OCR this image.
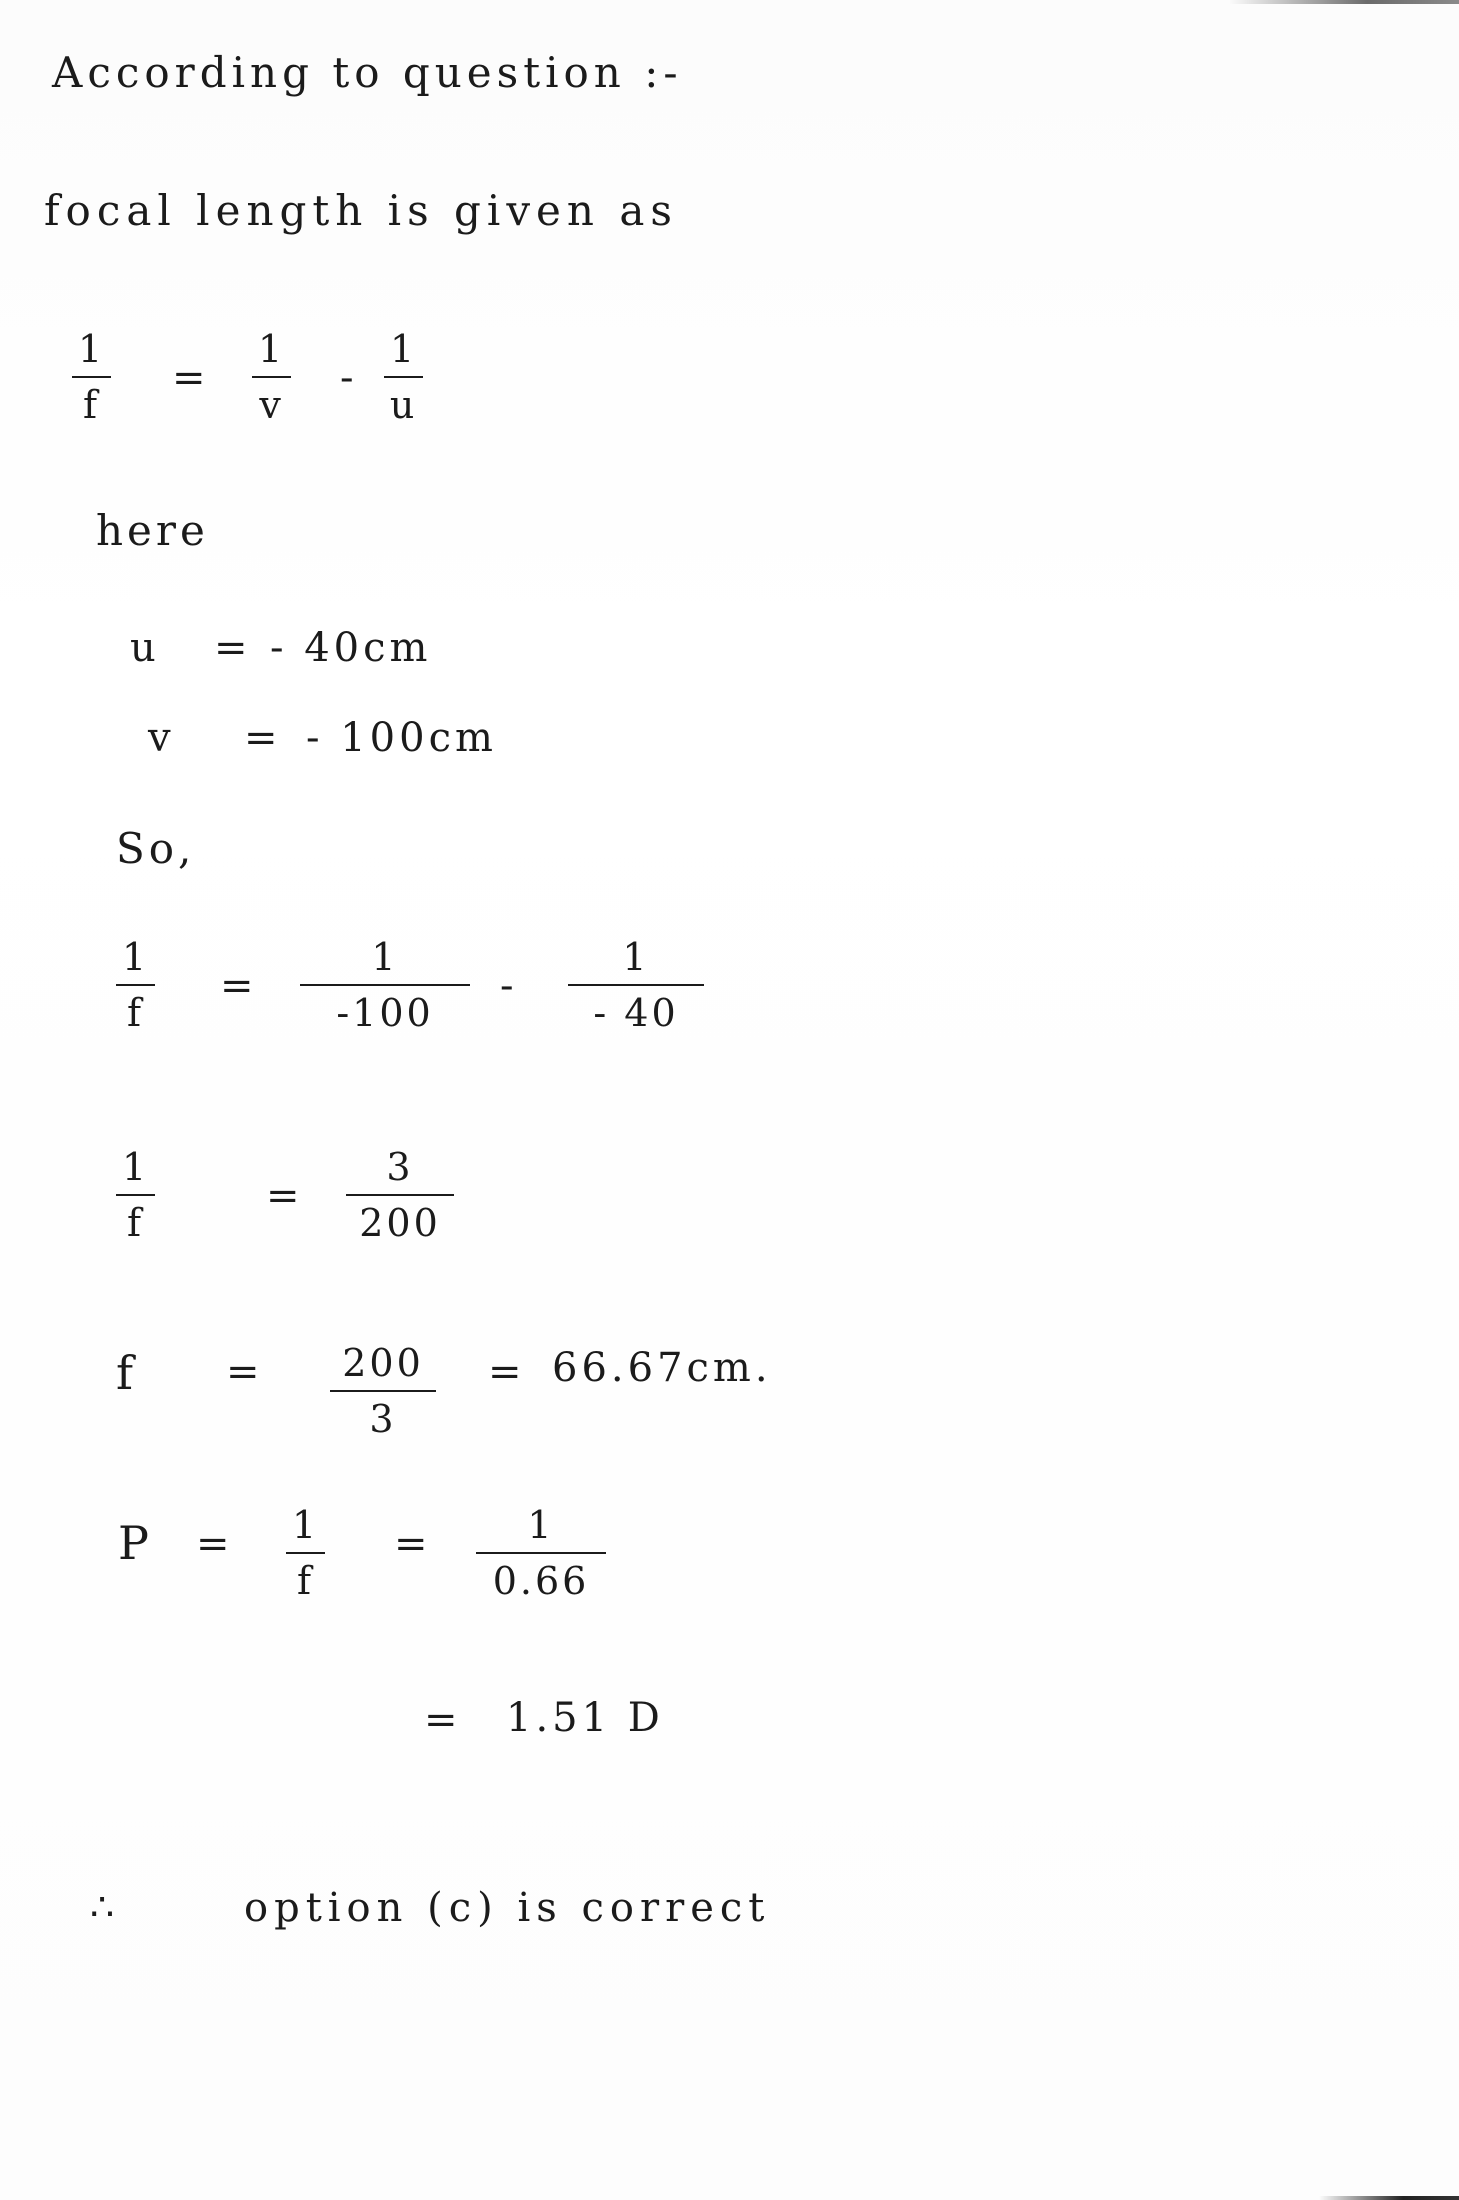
According to question :-
focal length is given as
1
f
=
1
v
-
1
u
here
u = - 40cm
v = - 100cm
So,
1
f
=
1
-100
-
1
- 40
1
f
=
3
200
f = 200
3
= 66.67cm.
P = 1
f
=	1
0.66
= 1.51 D
∴	option (c) is correct
